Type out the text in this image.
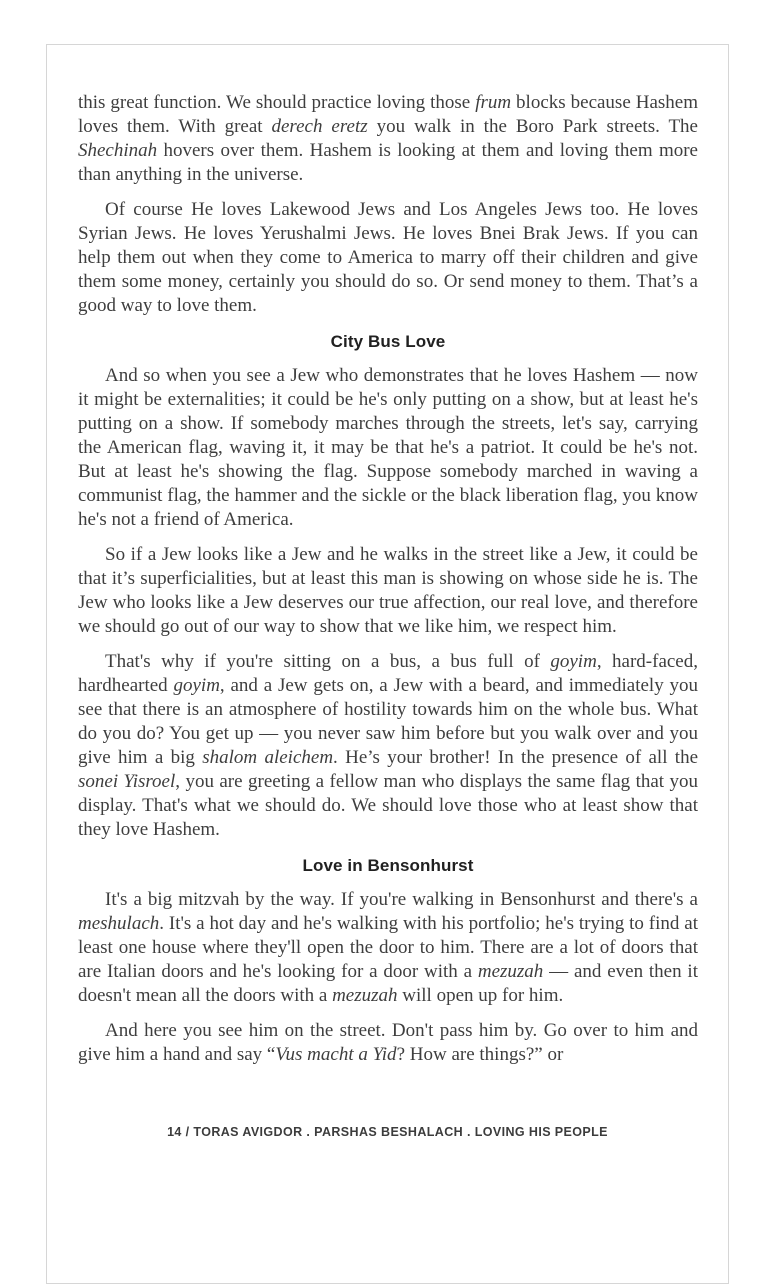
this great function. We should practice loving those frum blocks because Hashem loves them. With great derech eretz you walk in the Boro Park streets. The Shechinah hovers over them. Hashem is looking at them and loving them more than anything in the universe.

Of course He loves Lakewood Jews and Los Angeles Jews too. He loves Syrian Jews. He loves Yerushalmi Jews. He loves Bnei Brak Jews. If you can help them out when they come to America to marry off their children and give them some money, certainly you should do so. Or send money to them. That’s a good way to love them.

City Bus Love

And so when you see a Jew who demonstrates that he loves Hashem — now it might be externalities; it could be he's only putting on a show, but at least he's putting on a show. If somebody marches through the streets, let's say, carrying the American flag, waving it, it may be that he's a patriot. It could be he's not. But at least he's showing the flag. Suppose somebody marched in waving a communist flag, the hammer and the sickle or the black liberation flag, you know he's not a friend of America.

So if a Jew looks like a Jew and he walks in the street like a Jew, it could be that it’s superficialities, but at least this man is showing on whose side he is. The Jew who looks like a Jew deserves our true affection, our real love, and therefore we should go out of our way to show that we like him, we respect him.

That's why if you're sitting on a bus, a bus full of goyim, hard-faced, hardhearted goyim, and a Jew gets on, a Jew with a beard, and immediately you see that there is an atmosphere of hostility towards him on the whole bus. What do you do? You get up — you never saw him before but you walk over and you give him a big shalom aleichem. He’s your brother! In the presence of all the sonei Yisroel, you are greeting a fellow man who displays the same flag that you display. That's what we should do. We should love those who at least show that they love Hashem.

Love in Bensonhurst

It's a big mitzvah by the way. If you're walking in Bensonhurst and there's a meshulach. It's a hot day and he's walking with his portfolio; he's trying to find at least one house where they'll open the door to him. There are a lot of doors that are Italian doors and he's looking for a door with a mezuzah — and even then it doesn't mean all the doors with a mezuzah will open up for him.

And here you see him on the street. Don't pass him by. Go over to him and give him a hand and say “Vus macht a Yid? How are things?” or

14 / TORAS AVIGDOR . PARSHAS BESHALACH . LOVING HIS PEOPLE
